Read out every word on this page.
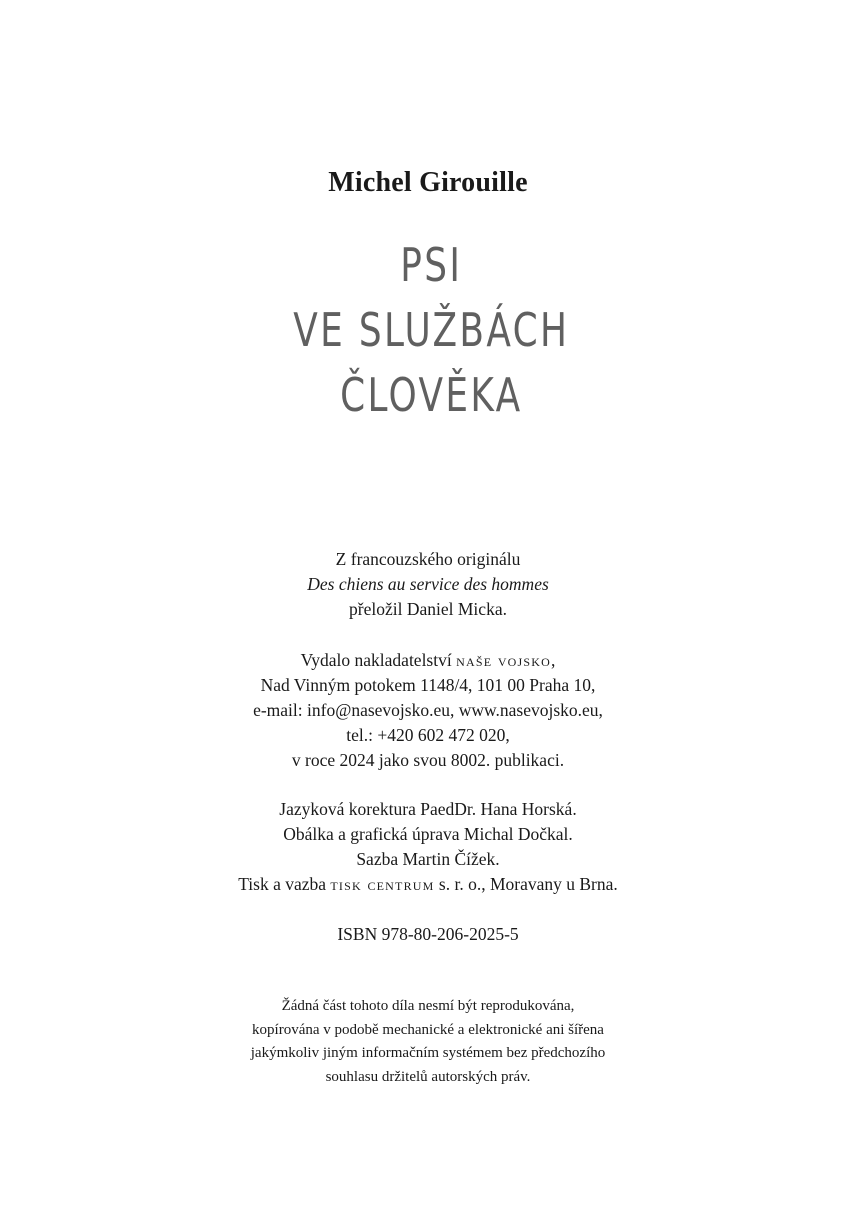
Michel Girouille
PSI
VE SLUŽBÁCH
ČLOVĚKA
Z francouzského originálu
Des chiens au service des hommes
přeložil Daniel Micka.
Vydalo nakladatelství naše vojsko,
Nad Vinným potokem 1148/4, 101 00 Praha 10,
e-mail: info@nasevojsko.eu, www.nasevojsko.eu,
tel.: +420 602 472 020,
v roce 2024 jako svou 8002. publikaci.
Jazyková korektura PaedDr. Hana Horská.
Obálka a grafická úprava Michal Dočkal.
Sazba Martin Čížek.
Tisk a vazba tisk centrum s. r. o., Moravany u Brna.
ISBN 978-80-206-2025-5
Žádná část tohoto díla nesmí být reprodukována,
kopírována v podobě mechanické a elektronické ani šířena
jakýmkoliv jiným informačním systémem bez předchozího
souhlasu držitelů autorských práv.
